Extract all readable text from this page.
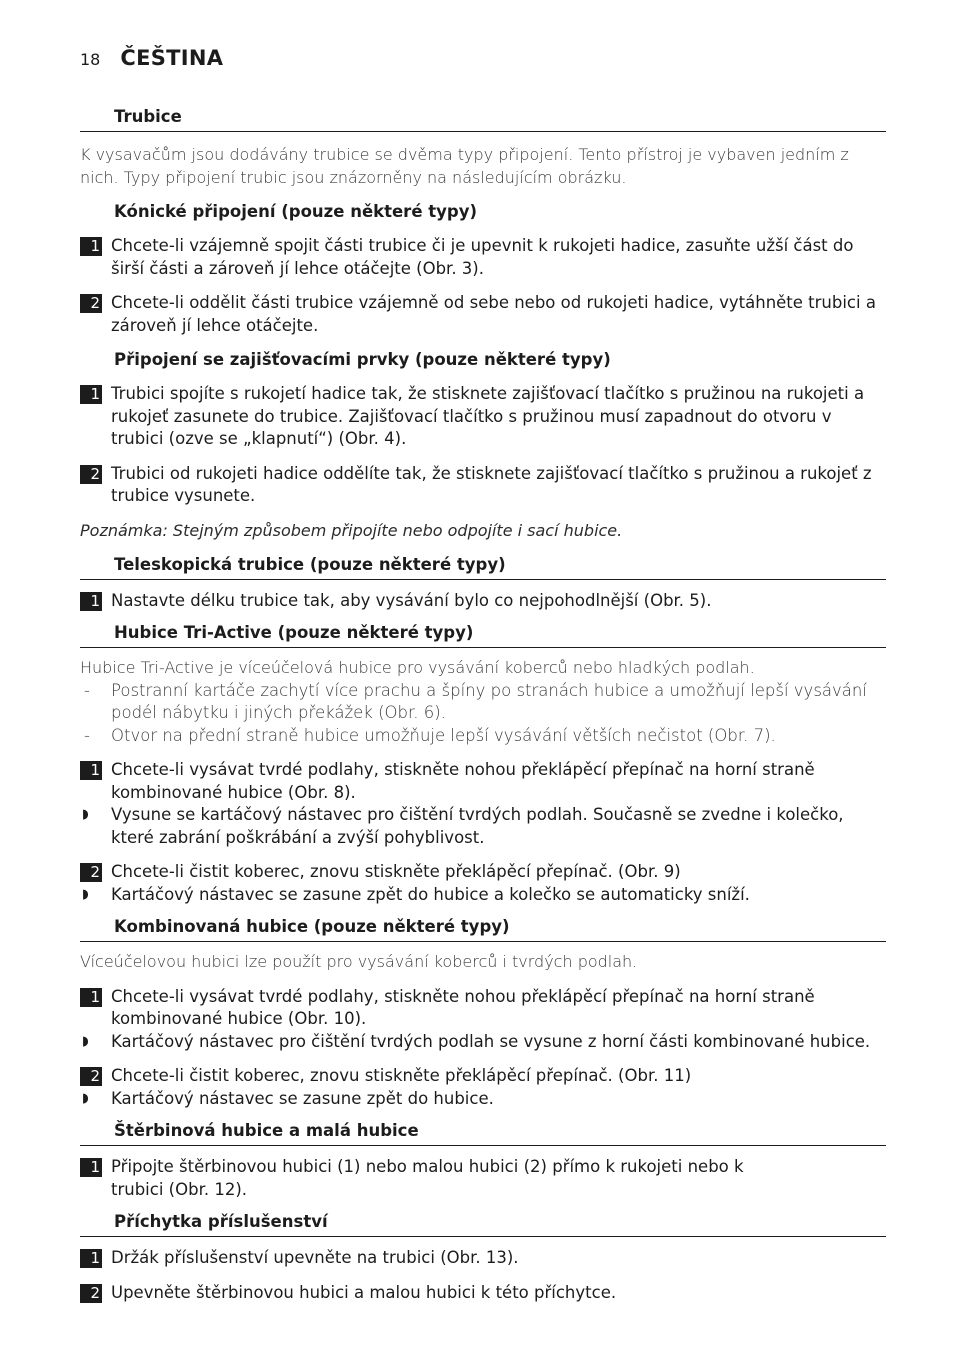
18 ČEŠTINA
Trubice
K vysavačům jsou dodávány trubice se dvěma typy připojení. Tento přístroj je vybaven jedním z nich. Typy připojení trubic jsou znázorněny na následujícím obrázku.
Kónické připojení (pouze některé typy)
1 Chcete-li vzájemně spojit části trubice či je upevnit k rukojeti hadice, zasuňte užší část do širší části a zároveň jí lehce otáčejte (Obr. 3).
2 Chcete-li oddělit části trubice vzájemně od sebe nebo od rukojeti hadice, vytáhněte trubici a zároveň jí lehce otáčejte.
Připojení se zajišťovacími prvky (pouze některé typy)
1 Trubici spojíte s rukojetí hadice tak, že stisknete zajišťovací tlačítko s pružinou na rukojeti a rukojeť zasunete do trubice. Zajišťovací tlačítko s pružinou musí zapadnout do otvoru v trubici (ozve se „klapnutí“) (Obr. 4).
2 Trubici od rukojeti hadice oddělíte tak, že stisknete zajišťovací tlačítko s pružinou a rukojeť z trubice vysunete.
Poznámka: Stejným způsobem připojíte nebo odpojíte i sací hubice.
Teleskopická trubice (pouze některé typy)
1 Nastavte délku trubice tak, aby vysávání bylo co nejpohodlnější (Obr. 5).
Hubice Tri-Active (pouze některé typy)
Hubice Tri-Active je víceúčelová hubice pro vysávání koberců nebo hladkých podlah.
-	Postranní kartáče zachytí více prachu a špíny po stranách hubice a umožňují lepší vysávání podél nábytku i jiných překážek (Obr. 6).
-	Otvor na přední straně hubice umožňuje lepší vysávání větších nečistot (Obr. 7).
1 Chcete-li vysávat tvrdé podlahy, stiskněte nohou překlápěcí přepínač na horní straně kombinované hubice (Obr. 8).
◗	Vysune se kartáčový nástavec pro čištění tvrdých podlah. Současně se zvedne i kolečko, které zabrání poškrábání a zvýší pohyblivost.
2 Chcete-li čistit koberec, znovu stiskněte překlápěcí přepínač. (Obr. 9)
◗	Kartáčový nástavec se zasune zpět do hubice a kolečko se automaticky sníží.
Kombinovaná hubice (pouze některé typy)
Víceúčelovou hubici lze použít pro vysávání koberců i tvrdých podlah.
1 Chcete-li vysávat tvrdé podlahy, stiskněte nohou překlápěcí přepínač na horní straně kombinované hubice (Obr. 10).
◗	Kartáčový nástavec pro čištění tvrdých podlah se vysune z horní části kombinované hubice.
2 Chcete-li čistit koberec, znovu stiskněte překlápěcí přepínač. (Obr. 11)
◗	Kartáčový nástavec se zasune zpět do hubice.
Štěrbinová hubice a malá hubice
1 Připojte štěrbinovou hubici (1) nebo malou hubici (2) přímo k rukojeti nebo k trubici (Obr. 12).
Příchytka příslušenství
1 Držák příslušenství upevněte na trubici (Obr. 13).
2 Upevněte štěrbinovou hubici a malou hubici k této příchytce.
